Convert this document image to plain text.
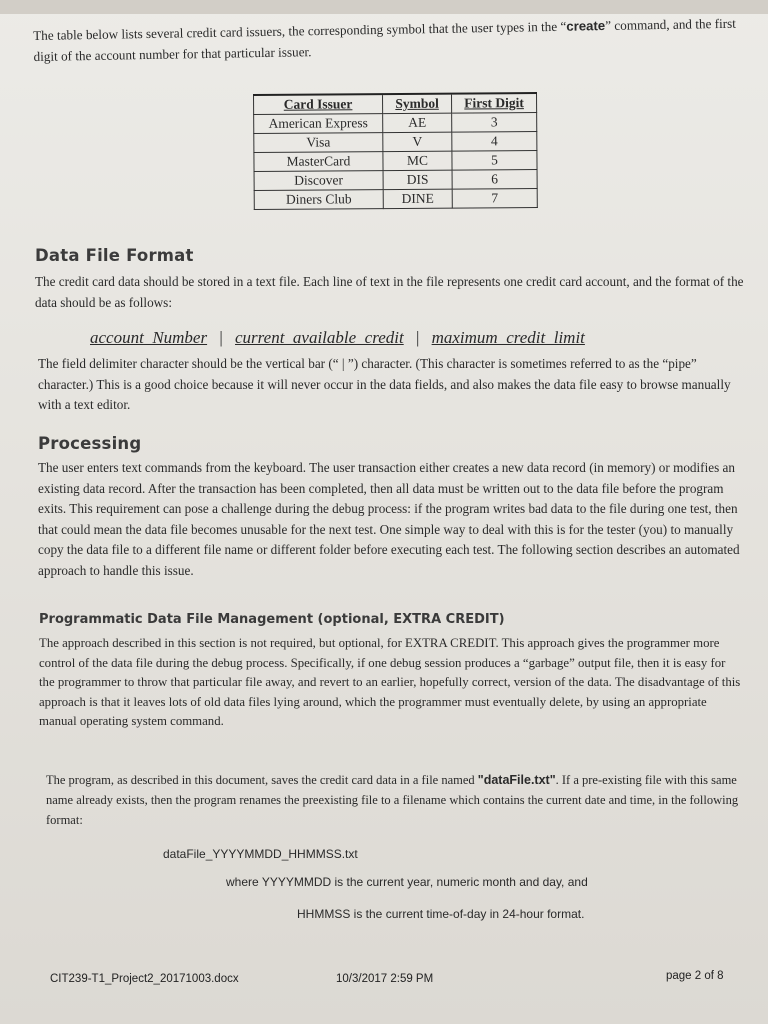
The table below lists several credit card issuers, the corresponding symbol that the user types in the “create” command, and the first digit of the account number for that particular issuer.

Card Issuer	Symbol	First Digit
American Express	AE	3
Visa	V	4
MasterCard	MC	5
Discover	DIS	6
Diners Club	DINE	7
Data File Format

The credit card data should be stored in a text file. Each line of text in the file represents one credit card account, and the format of the data should be as follows:

account_Number | current_available_credit | maximum_credit_limit

The field delimiter character should be the vertical bar (“ | ”) character. (This character is sometimes referred to as the “pipe” character.) This is a good choice because it will never occur in the data fields, and also makes the data file easy to browse manually with a text editor.

Processing

The user enters text commands from the keyboard. The user transaction either creates a new data record (in memory) or modifies an existing data record. After the transaction has been completed, then all data must be written out to the data file before the program exits. This requirement can pose a challenge during the debug process: if the program writes bad data to the file during one test, then that could mean the data file becomes unusable for the next test. One simple way to deal with this is for the tester (you) to manually copy the data file to a different file name or different folder before executing each test. The following section describes an automated approach to handle this issue.

Programmatic Data File Management (optional, EXTRA CREDIT)

The approach described in this section is not required, but optional, for EXTRA CREDIT. This approach gives the programmer more control of the data file during the debug process. Specifically, if one debug session produces a “garbage” output file, then it is easy for the programmer to throw that particular file away, and revert to an earlier, hopefully correct, version of the data. The disadvantage of this approach is that it leaves lots of old data files lying around, which the programmer must eventually delete, by using an appropriate manual operating system command.

The program, as described in this document, saves the credit card data in a file named "dataFile.txt". If a pre-existing file with this same name already exists, then the program renames the preexisting file to a filename which contains the current date and time, in the following format:

dataFile_YYYYMMDD_HHMMSS.txt
where YYYYMMDD is the current year, numeric month and day, and
HHMMSS is the current time-of-day in 24-hour format.
CIT239-T1_Project2_20171003.docx	10/3/2017 2:59 PM	page 2 of 8
